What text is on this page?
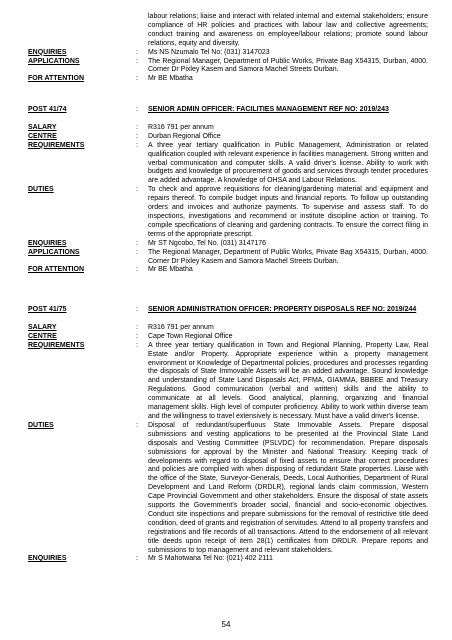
labour relations; liaise and interact with related internal and external stakeholders; ensure compliance of HR policies and practices with labour law and collective agreements; conduct training and awareness on employee/labour relations; promote sound labour relations, equity and diversity.
ENQUIRIES	: Ms NS Nzumalo Tel No: (031) 3147023
APPLICATIONS	: The Regional Manager, Department of Public Works, Private Bag X54315, Durban, 4000. Corner Dr Pixley Kasem and Samora Machel Streets Durban.
FOR ATTENTION	: Mr BE Mbatha
POST 41/74	: SENIOR ADMIN OFFICER: FACILITIES MANAGEMENT REF NO: 2019/243
SALARY	: R316 791 per annum
CENTRE	: Durban Regional Office
REQUIREMENTS	: A three year tertiary qualification in Public Management, Administration or related qualification coupled with relevant experience in facilities management. Strong written and verbal communication and computer skills. A valid driver's license. Ability to work with budgets and knowledge of procurement of goods and services through tender procedures are added advantage. A knowledge of OHSA and Labour Relations.
DUTIES	: To check and approve requisitions for cleaning/gardening material and equipment and repairs thereof. To compile budget inputs and financial reports. To follow up outstanding orders and invoices and authorize payments. To supervise and assess staff. To do inspections, investigations and recommend or institute discipline action or training. To compile specifications of cleaning and gardening contracts. To ensure the correct filing in terms of the appropriate prescript.
ENQUIRIES	: Mr ST Ngcobo, Tel No. (031) 3147176
APPLICATIONS	: The Regional Manager, Department of Public Works, Private Bag X54315, Durban, 4000. Corner Dr Pixley Kasem and Samora Machel Streets Durban.
FOR ATTENTION	: Mr BE Mbatha
POST 41/75	: SENIOR ADMINISTRATION OFFICER: PROPERTY DISPOSALS REF NO: 2019/244
SALARY	: R316 791 per annum
CENTRE	: Cape Town Regional Office
REQUIREMENTS	: A three year tertiary qualification in Town and Regional Planning, Property Law, Real Estate and/or Property. Appropriate experience within a property management environment or Knowledge of Departmental policies, procedures and processes regarding the disposals of State Immovable Assets will be an added advantage. Sound knowledge and understanding of State Land Disposals Act, PFMA, GIAMMA, BBBEE and Treasury Regulations. Good communication (verbal and written) skills and the ability to communicate at all levels. Good analytical, planning, organizing and financial management skills. High level of computer proficiency. Ability to work within diverse team and the willingness to travel extensively is necessary. Must have a valid driver's license.
DUTIES	: Disposal of redundant/superfluous State Immovable Assets. Prepare disposal submissions and vesting applications to be presented at the Provincial State Land disposals and Vesting Committee (PSLVDC) for recommendation. Prepare disposals submissions for approval by the Minister and National Treasury. Keeping track of developments with regard to disposal of fixed assets to ensure that correct procedures and policies are complied with when disposing of redundant State properties. Liaise with the office of the State, Surveyor-Generals, Deeds, Local Authorities, Department of Rural Development and Land Reform (DRDLR), regional lands claim commission, Western Cape Provincial Government and other stakeholders. Ensure the disposal of state assets supports the Government's broader social, financial and socio-economic objectives. Conduct site inspections and prepare submissions for the removal of restrictive title deed condition, deed of grants and registration of servitudes. Attend to all property transfers and registrations and file records of all transactions. Attend to the endorsement of all relevant title deeds upon receipt of item 28(1) certificates from DRDLR. Prepare reports and submissions to top management and relevant stakeholders.
ENQUIRIES	: Mr S Mahotwana Tel No: (021) 402 2111
54
